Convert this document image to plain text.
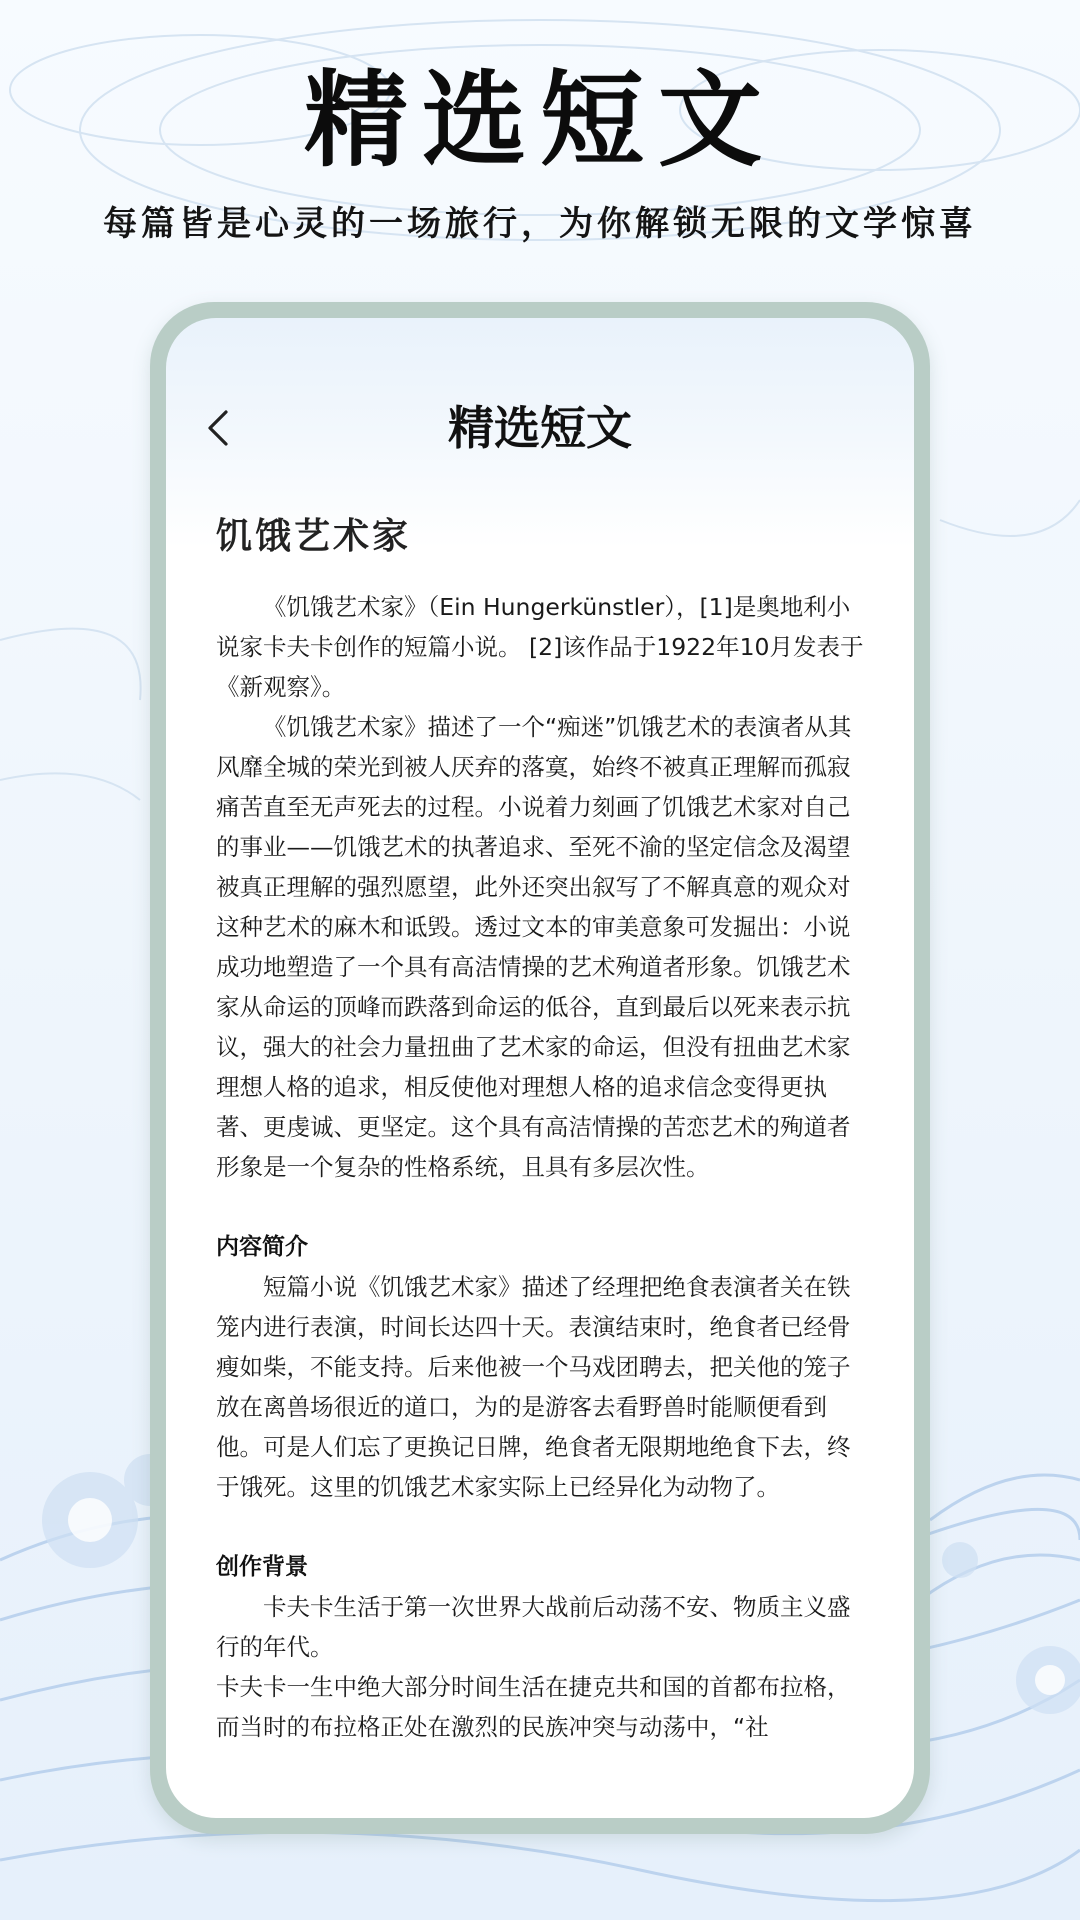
精选短文
每篇皆是心灵的一场旅行，为你解锁无限的文学惊喜
精选短文
饥饿艺术家

《饥饿艺术家》（Ein Hungerkünstler），[1]是奥地利小说家卡夫卡创作的短篇小说。 [2]该作品于1922年10月发表于《新观察》。

《饥饿艺术家》描述了一个“痴迷”饥饿艺术的表演者从其风靡全城的荣光到被人厌弃的落寞，始终不被真正理解而孤寂痛苦直至无声死去的过程。小说着力刻画了饥饿艺术家对自己的事业——饥饿艺术的执著追求、至死不渝的坚定信念及渴望被真正理解的强烈愿望，此外还突出叙写了不解真意的观众对这种艺术的麻木和诋毁。透过文本的审美意象可发掘出：小说成功地塑造了一个具有高洁情操的艺术殉道者形象。饥饿艺术家从命运的顶峰而跌落到命运的低谷，直到最后以死来表示抗议，强大的社会力量扭曲了艺术家的命运，但没有扭曲艺术家理想人格的追求，相反使他对理想人格的追求信念变得更执著、更虔诚、更坚定。这个具有高洁情操的苦恋艺术的殉道者形象是一个复杂的性格系统，且具有多层次性。

内容简介

短篇小说《饥饿艺术家》描述了经理把绝食表演者关在铁笼内进行表演，时间长达四十天。表演结束时，绝食者已经骨瘦如柴，不能支持。后来他被一个马戏团聘去，把关他的笼子放在离兽场很近的道口，为的是游客去看野兽时能顺便看到他。可是人们忘了更换记日牌，绝食者无限期地绝食下去，终于饿死。这里的饥饿艺术家实际上已经异化为动物了。

创作背景

卡夫卡生活于第一次世界大战前后动荡不安、物质主义盛行的年代。

卡夫卡一生中绝大部分时间生活在捷克共和国的首都布拉格，而当时的布拉格正处在激烈的民族冲突与动荡中，“社
